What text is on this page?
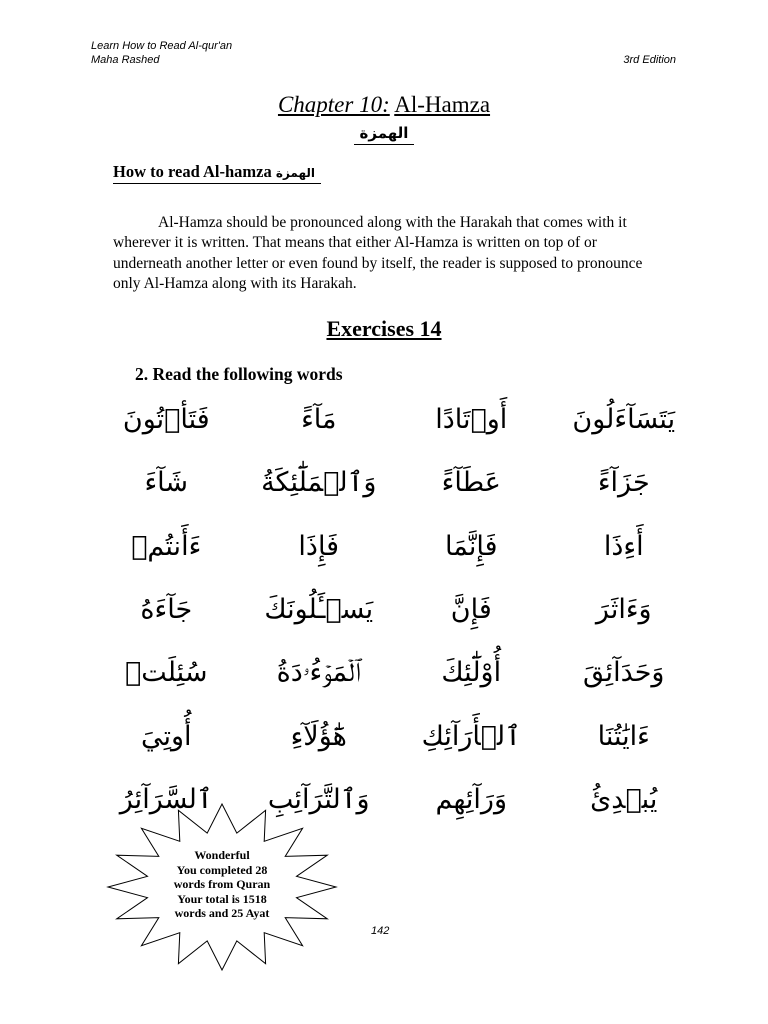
Learn How to Read Al-qur'an
Maha Rashed	3rd Edition
Chapter 10: Al-Hamza
الهمزة
How to read Al-hamza الهمزة

Al-Hamza should be pronounced along with the Harakah that comes with it wherever it is written. That means that either Al-Hamza is written on top of or underneath another letter or even found by itself, the reader is supposed to pronounce only Al-Hamza along with its Harakah.

Exercises 14
2. Read the following words
يَتَسَآءَلُونَ
أَوۡتَادًا
مَآءً
فَتَأۡتُونَ
جَزَآءً
عَطَآءً
وَٱلۡمَلَٰٓئِكَةُ
شَآءَ
أَءِذَا
فَإِنَّمَا
فَإِذَا
ءَأَنتُمۡ
وَءَاثَرَ
فَإِنَّ
يَسۡـَٔلُونَكَ
جَآءَهُ
وَحَدَآئِقَ
أُوْلَٰٓئِكَ
ٱلۡمَوۡءُۥدَةُ
سُئِلَتۡ
ءَايَٰتُنَا
ٱلۡأَرَآئِكِ
هَٰٓؤُلَآءِ
أُوتِيَ
يُبۡدِئُ
وَرَآئِهِم
وَٱلتَّرَآئِبِ
ٱلسَّرَآئِرُ
Wonderful
You completed 28
words from Quran
Your total is 1518
words and 25 Ayat
142
